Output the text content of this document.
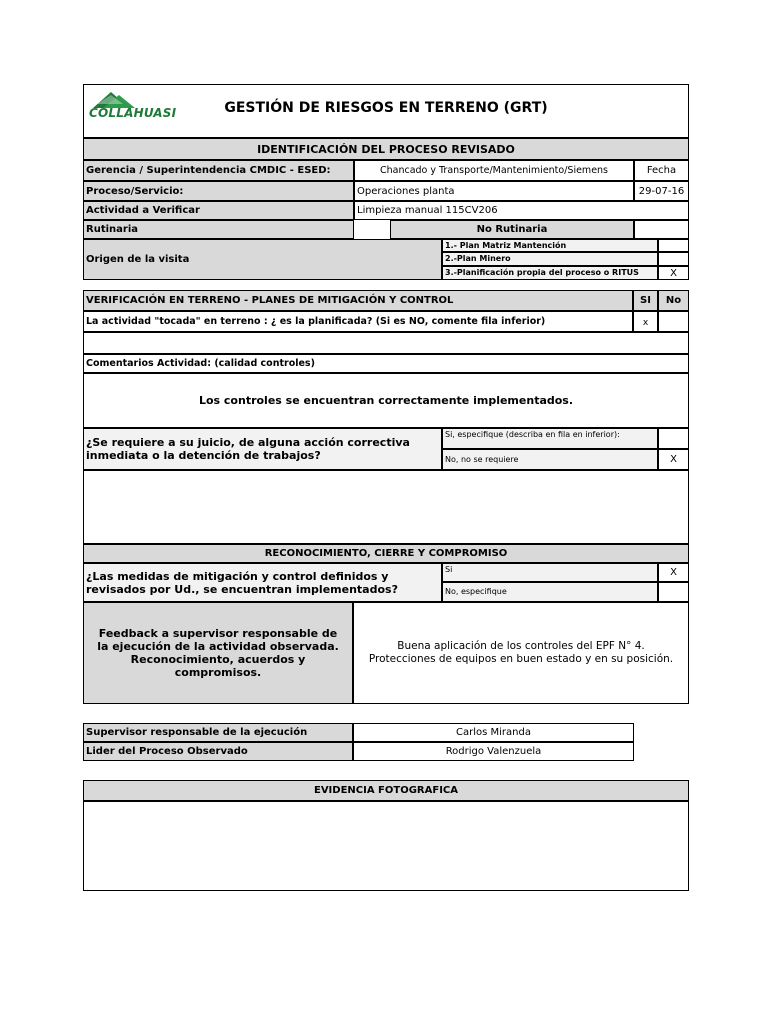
COLLAHUASI	GESTIÓN DE RIESGOS EN TERRENO (GRT)
IDENTIFICACIÓN DEL PROCESO REVISADO
Gerencia / Superintendencia CMDIC - ESED:	Chancado y Transporte/Mantenimiento/Siemens	Fecha
Proceso/Servicio:	Operaciones planta	29-07-16
Actividad a Verificar	Limpieza manual 115CV206
Rutinaria	No Rutinaria
Origen de la visita
1.- Plan Matriz Mantención
2.-Plan Minero
3.-Planificación propia del proceso o RITUS	X
VERIFICACIÓN EN TERRENO - PLANES DE MITIGACIÓN Y CONTROL	SI	No
La actividad "tocada" en terreno : ¿ es la planificada? (Si es NO, comente fila inferior)	x
Comentarios Actividad: (calidad controles)
Los controles se encuentran correctamente implementados.
¿Se requiere a su juicio, de alguna acción correctiva inmediata o la detención de trabajos?
Si, especifique (describa en fila en inferior):
No, no se requiere	X
RECONOCIMIENTO, CIERRE Y COMPROMISO
¿Las medidas de mitigación y control definidos y revisados por Ud., se encuentran implementados?
Si	X
No, especifique
Feedback a supervisor responsable de la ejecución de la actividad observada. Reconocimiento, acuerdos y compromisos.
Buena aplicación de los controles del EPF N° 4.
Protecciones de equipos en buen estado y en su posición.
Supervisor responsable de la ejecución	Carlos Miranda
Lider del Proceso Observado	Rodrigo Valenzuela
EVIDENCIA FOTOGRAFICA
